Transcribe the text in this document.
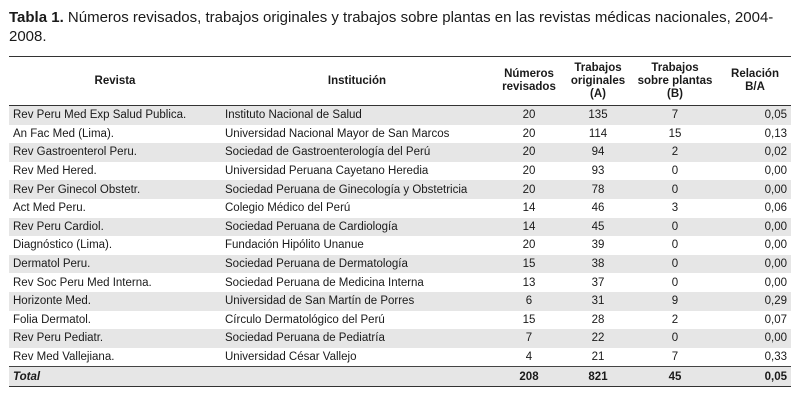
Tabla 1. Números revisados, trabajos originales y trabajos sobre plantas en las revistas médicas nacionales, 2004-2008.

Revista	Institución	Números revisados	Trabajos originales (A)	Trabajos sobre plantas (B)	Relación B/A
Rev Peru Med Exp Salud Publica.	Instituto Nacional de Salud	20	135	7	0,05
An Fac Med (Lima).	Universidad Nacional Mayor de San Marcos	20	114	15	0,13
Rev Gastroenterol Peru.	Sociedad de Gastroenterología del Perú	20	94	2	0,02
Rev Med Hered.	Universidad Peruana Cayetano Heredia	20	93	0	0,00
Rev Per Ginecol Obstetr.	Sociedad Peruana de Ginecología y Obstetricia	20	78	0	0,00
Act Med Peru.	Colegio Médico del Perú	14	46	3	0,06
Rev Peru Cardiol.	Sociedad Peruana de Cardiología	14	45	0	0,00
Diagnóstico (Lima).	Fundación Hipólito Unanue	20	39	0	0,00
Dermatol Peru.	Sociedad Peruana de Dermatología	15	38	0	0,00
Rev Soc Peru Med Interna.	Sociedad Peruana de Medicina Interna	13	37	0	0,00
Horizonte Med.	Universidad de San Martín de Porres	6	31	9	0,29
Folia Dermatol.	Círculo Dermatológico del Perú	15	28	2	0,07
Rev Peru Pediatr.	Sociedad Peruana de Pediatría	7	22	0	0,00
Rev Med Vallejiana.	Universidad César Vallejo	4	21	7	0,33
Total		208	821	45	0,05
